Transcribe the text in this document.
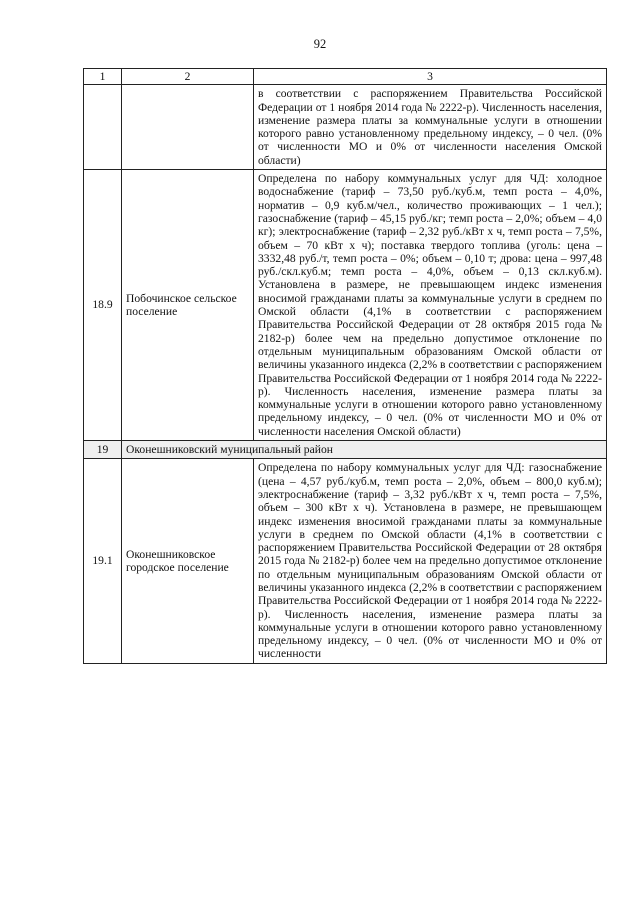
92
1	2	3

		в соответствии с распоряжением Правительства Российской Федерации от 1 ноября 2014 года № 2222-р). Численность населения, изменение размера платы за коммунальные услуги в отношении которого равно установленному предельному индексу, – 0 чел. (0% от численности МО и 0% от численности населения Омской области)

18.9	Побочинское сельское поселение	Определена по набору коммунальных услуг для ЧД: холодное водоснабжение (тариф – 73,50 руб./куб.м, темп роста – 4,0%, норматив – 0,9 куб.м/чел., количество проживающих – 1 чел.); газоснабжение (тариф – 45,15 руб./кг; темп роста – 2,0%; объем – 4,0 кг); электроснабжение (тариф – 2,32 руб./кВт х ч, темп роста – 7,5%, объем – 70 кВт х ч); поставка твердого топлива (уголь: цена – 3332,48 руб./т, темп роста – 0%; объем – 0,10 т; дрова: цена – 997,48 руб./скл.куб.м; темп роста – 4,0%, объем – 0,13 скл.куб.м). Установлена в размере, не превышающем индекс изменения вносимой гражданами платы за коммунальные услуги в среднем по Омской области (4,1% в соответствии с распоряжением Правительства Российской Федерации от 28 октября 2015 года № 2182-р) более чем на предельно допустимое отклонение по отдельным муниципальным образованиям Омской области от величины указанного индекса (2,2% в соответствии с распоряжением Правительства Российской Федерации от 1 ноября 2014 года № 2222-р). Численность населения, изменение размера платы за коммунальные услуги в отношении которого равно установленному предельному индексу, – 0 чел. (0% от численности МО и 0% от численности населения Омской области)

19	Оконешниковский муниципальный район	
19.1	Оконешниковское городское поселение	Определена по набору коммунальных услуг для ЧД: газоснабжение (цена – 4,57 руб./куб.м, темп роста – 2,0%, объем – 800,0 куб.м); электроснабжение (тариф – 3,32 руб./кВт х ч, темп роста – 7,5%, объем – 300 кВт х ч). Установлена в размере, не превышающем индекс изменения вносимой гражданами платы за коммунальные услуги в среднем по Омской области (4,1% в соответствии с распоряжением Правительства Российской Федерации от 28 октября 2015 года № 2182-р) более чем на предельно допустимое отклонение по отдельным муниципальным образованиям Омской области от величины указанного индекса (2,2% в соответствии с распоряжением Правительства Российской Федерации от 1 ноября 2014 года № 2222-р). Численность населения, изменение размера платы за коммунальные услуги в отношении которого равно установленному предельному индексу, – 0 чел. (0% от численности МО и 0% от численности
